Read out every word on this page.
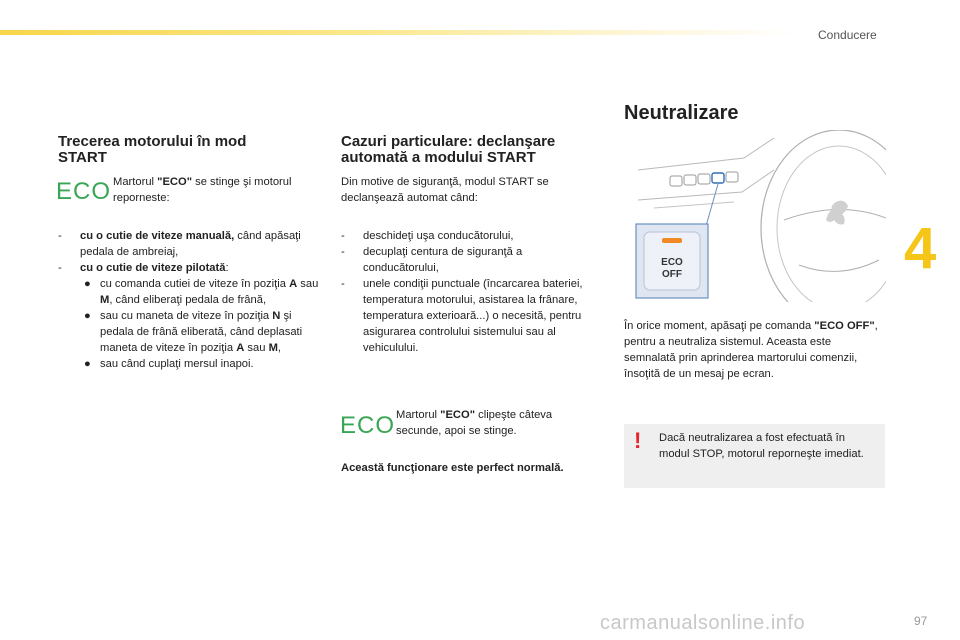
Conducere
4
Trecerea motorului în mod START
ECO Martorul "ECO" se stinge şi motorul reporneste:
- cu o cutie de viteze manuală, când apăsaţi pedala de ambreiaj,
- cu o cutie de viteze pilotată:
● cu comanda cutiei de viteze în poziţia A sau M, când eliberaţi pedala de frână,
● sau cu maneta de viteze în poziţia N şi pedala de frână eliberată, când deplasati maneta de viteze în poziţia A sau M,
● sau când cuplaţi mersul inapoi.
Cazuri particulare: declanşare automată a modului START
Din motive de siguranţă, modul START se declanşează automat când:
- deschideţi uşa conducătorului,
- decuplaţi centura de siguranţă a conducătorului,
- unele condiţii punctuale (încarcarea bateriei, temperatura motorului, asistarea la frânare, temperatura exterioară...) o necesită, pentru asigurarea controlului sistemului sau al vehiculului.
ECO Martorul "ECO" clipeşte câteva secunde, apoi se stinge.
Această funcţionare este perfect normală.
Neutralizare
ECO
OFF
În orice moment, apăsaţi pe comanda "ECO OFF", pentru a neutraliza sistemul. Aceasta este semnalată prin aprinderea martorului comenzii, însoţită de un mesaj pe ecran.
! Dacă neutralizarea a fost efectuată în modul STOP, motorul reporneşte imediat.
carmanualsonline.info	97
